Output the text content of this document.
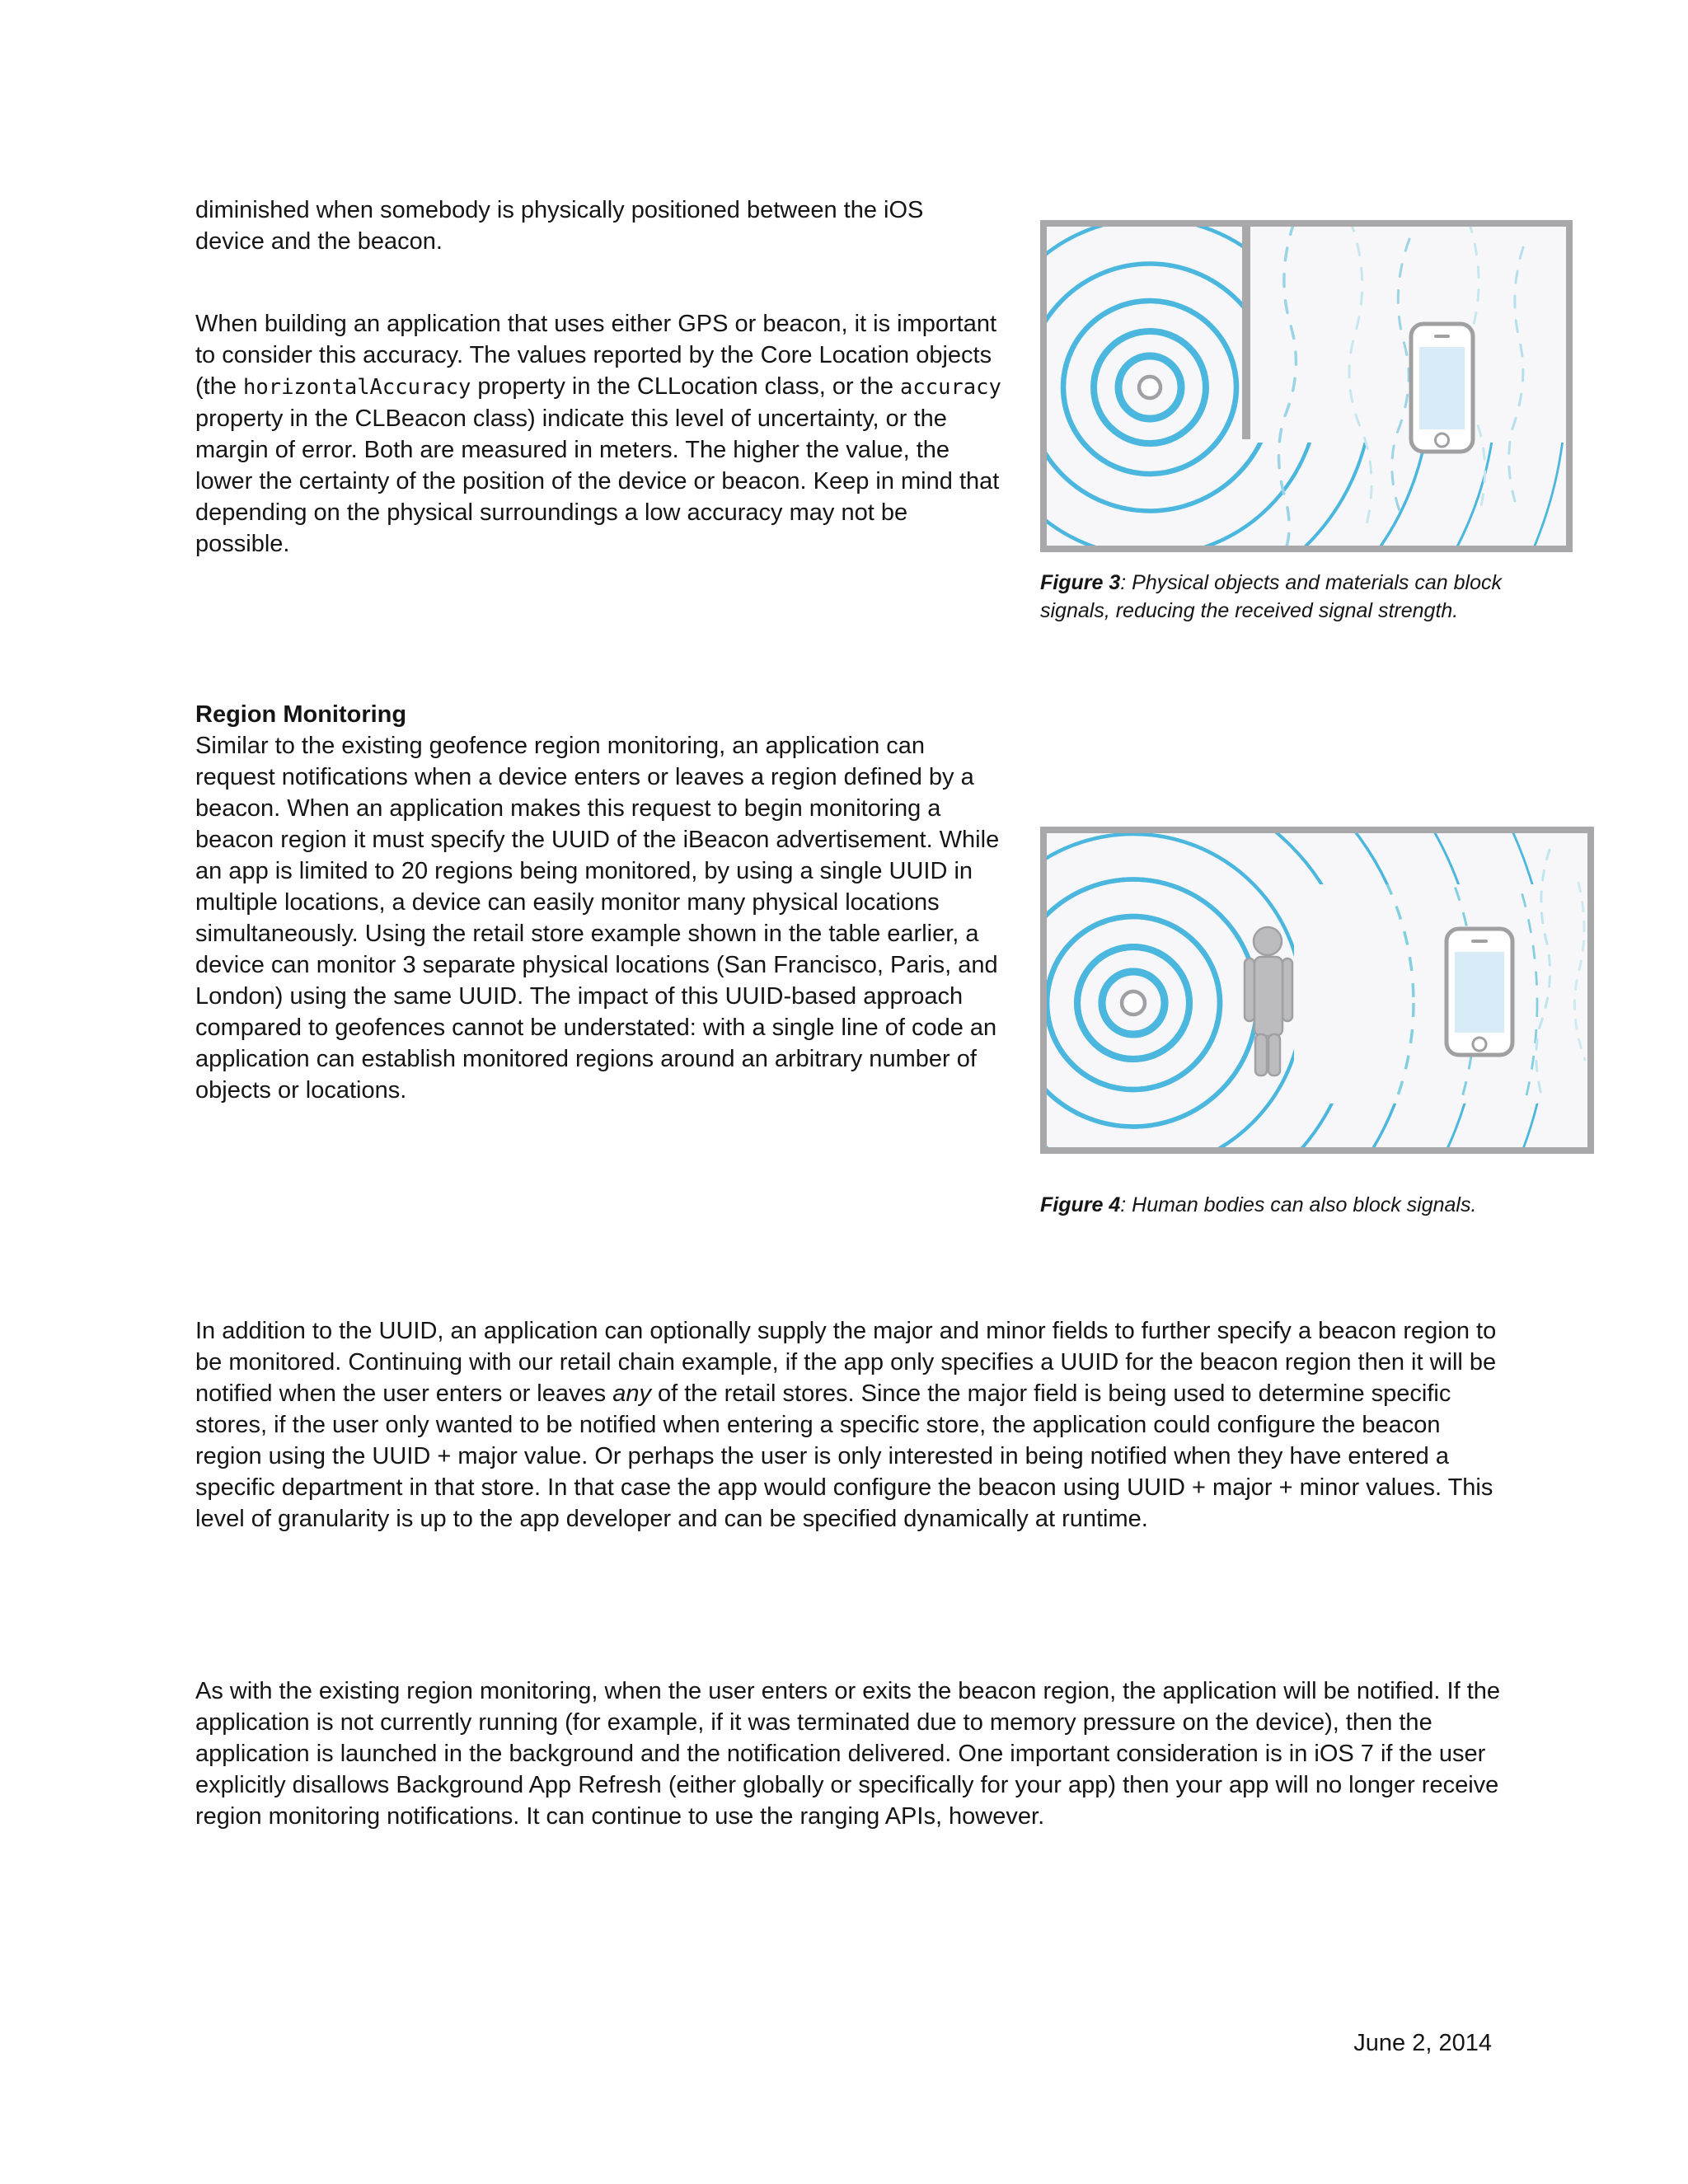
diminished when somebody is physically positioned between the iOS device and the beacon.

When building an application that uses either GPS or beacon, it is important to consider this accuracy. The values reported by the Core Location objects (the horizontalAccuracy property in the CLLocation class, or the accuracy property in the CLBeacon class) indicate this level of uncertainty, or the margin of error. Both are measured in meters. The higher the value, the lower the certainty of the position of the device or beacon. Keep in mind that depending on the physical surroundings a low accuracy may not be possible.

Region Monitoring

Similar to the existing geofence region monitoring, an application can request notifications when a device enters or leaves a region defined by a beacon. When an application makes this request to begin monitoring a beacon region it must specify the UUID of the iBeacon advertisement. While an app is limited to 20 regions being monitored, by using a single UUID in multiple locations, a device can easily monitor many physical locations simultaneously. Using the retail store example shown in the table earlier, a device can monitor 3 separate physical locations (San Francisco, Paris, and London) using the same UUID. The impact of this UUID-based approach compared to geofences cannot be understated: with a single line of code an application can establish monitored regions around an arbitrary number of objects or locations.

Figure 3: Physical objects and materials can block signals, reducing the received signal strength.

Figure 4: Human bodies can also block signals.

In addition to the UUID, an application can optionally supply the major and minor fields to further specify a beacon region to be monitored. Continuing with our retail chain example, if the app only specifies a UUID for the beacon region then it will be notified when the user enters or leaves any of the retail stores. Since the major field is being used to determine specific stores, if the user only wanted to be notified when entering a specific store, the application could configure the beacon region using the UUID + major value. Or perhaps the user is only interested in being notified when they have entered a specific department in that store. In that case the app would configure the beacon using UUID + major + minor values. This level of granularity is up to the app developer and can be specified dynamically at runtime.

As with the existing region monitoring, when the user enters or exits the beacon region, the application will be notified. If the application is not currently running (for example, if it was terminated due to memory pressure on the device), then the application is launched in the background and the notification delivered. One important consideration is in iOS 7 if the user explicitly disallows Background App Refresh (either globally or specifically for your app) then your app will no longer receive region monitoring notifications. It can continue to use the ranging APIs, however.

June 2, 2014
